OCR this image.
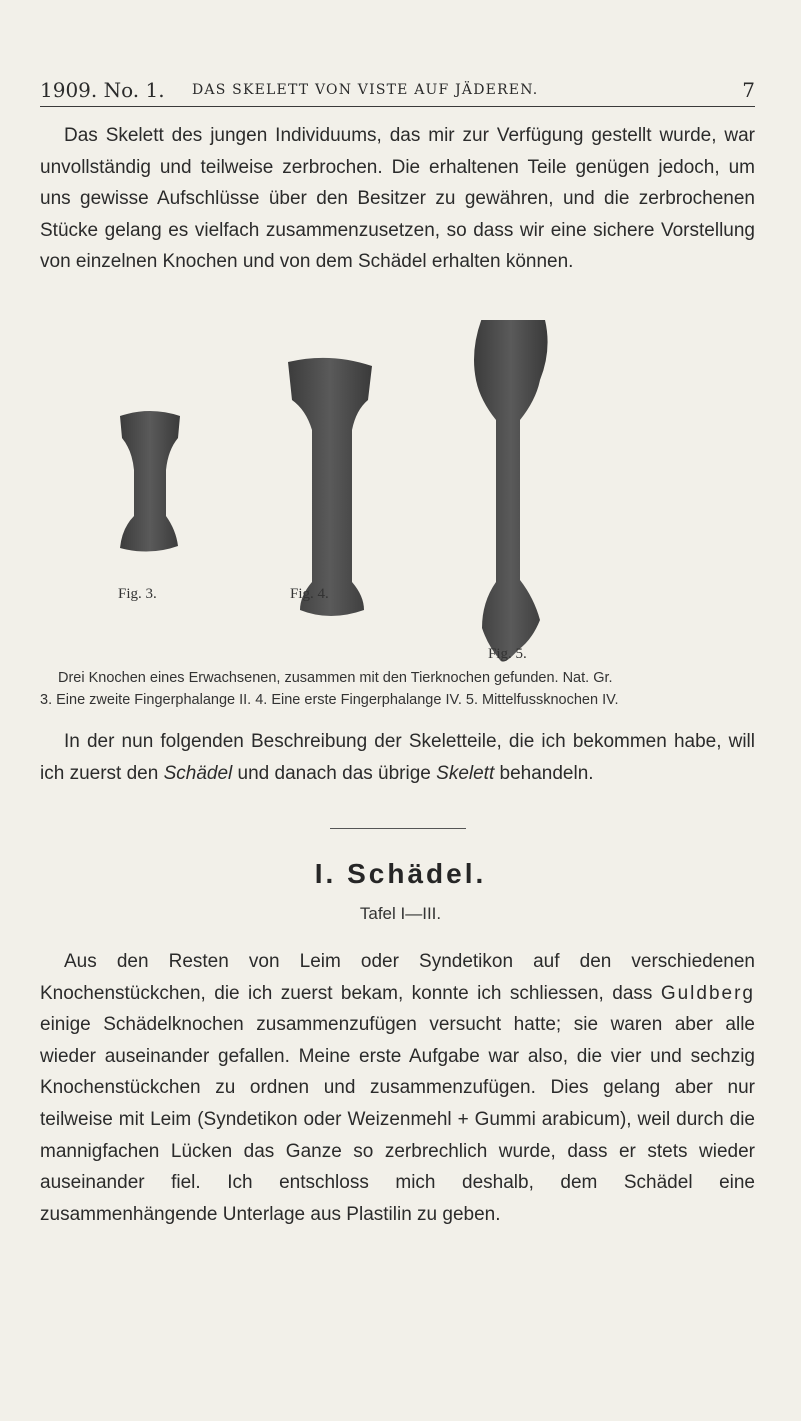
1909. No. 1. DAS SKELETT VON VISTE AUF JÄDEREN.	7
Das Skelett des jungen Individuums, das mir zur Verfügung gestellt wurde, war unvollständig und teilweise zerbrochen. Die erhaltenen Teile genügen jedoch, um uns gewisse Aufschlüsse über den Besitzer zu gewähren, und die zerbrochenen Stücke gelang es vielfach zusammenzusetzen, so dass wir eine sichere Vorstellung von einzelnen Knochen und von dem Schädel erhalten können.
Fig. 3.	Fig. 4.
Fig. 5.
Drei Knochen eines Erwachsenen, zusammen mit den Tierknochen gefunden. Nat. Gr.
3. Eine zweite Fingerphalange II. 4. Eine erste Fingerphalange IV. 5. Mittelfussknochen IV.
In der nun folgenden Beschreibung der Skeletteile, die ich bekommen habe, will ich zuerst den Schädel und danach das übrige Skelett behandeln.
I. Schädel.
Tafel I—III.
Aus den Resten von Leim oder Syndetikon auf den verschiedenen Knochenstückchen, die ich zuerst bekam, konnte ich schliessen, dass Guldberg einige Schädelknochen zusammenzufügen versucht hatte; sie waren aber alle wieder auseinander gefallen. Meine erste Aufgabe war also, die vier und sechzig Knochenstückchen zu ordnen und zusammenzufügen. Dies gelang aber nur teilweise mit Leim (Syndetikon oder Weizenmehl + Gummi arabicum), weil durch die mannigfachen Lücken das Ganze so zerbrechlich wurde, dass er stets wieder auseinander fiel. Ich entschloss mich deshalb, dem Schädel eine zusammenhängende Unterlage aus Plastilin zu geben.
